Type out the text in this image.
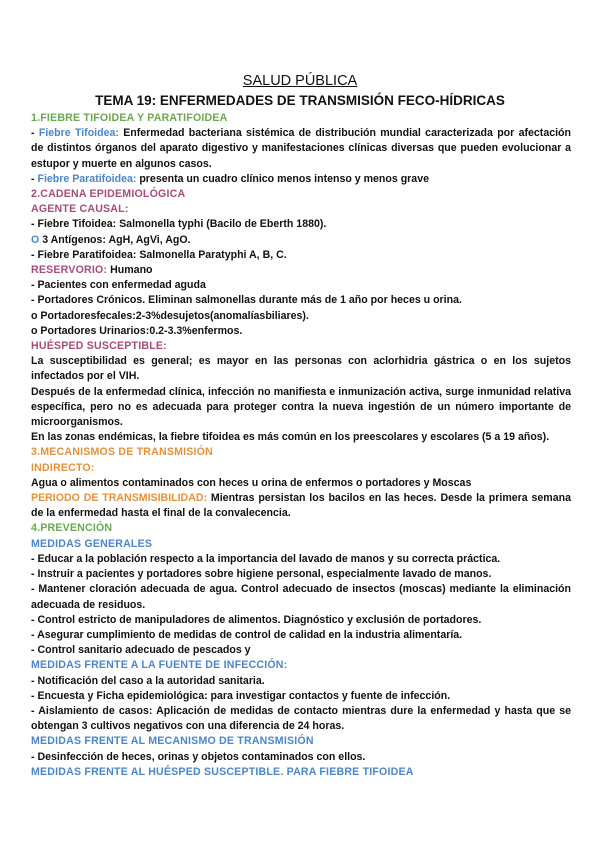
SALUD PÚBLICA
TEMA 19: ENFERMEDADES DE TRANSMISIÓN FECO-HÍDRICAS

1.FIEBRE TIFOIDEA Y PARATIFOIDEA

- Fiebre Tifoidea: Enfermedad bacteriana sistémica de distribución mundial caracterizada por afectación de distintos órganos del aparato digestivo y manifestaciones clínicas diversas que pueden evolucionar a estupor y muerte en algunos casos.

- Fiebre Paratifoidea: presenta un cuadro clínico menos intenso y menos grave

2.CADENA EPIDEMIOLÓGICA

AGENTE CAUSAL:

- Fiebre Tifoidea: Salmonella typhi (Bacilo de Eberth 1880).

O 3 Antígenos: AgH, AgVi, AgO.

- Fiebre Paratifoidea: Salmonella Paratyphi A, B, C.

RESERVORIO: Humano

- Pacientes con enfermedad aguda

- Portadores Crónicos. Eliminan salmonellas durante más de 1 año por heces u orina.

o Portadoresfecales:2-3%desujetos(anomalíasbiliares).

o Portadores Urinarios:0.2-3.3%enfermos.

HUÉSPED SUSCEPTIBLE:

La susceptibilidad es general; es mayor en las personas con aclorhidria gástrica o en los sujetos infectados por el VIH.

Después de la enfermedad clínica, infección no manifiesta e inmunización activa, surge inmunidad relativa específica, pero no es adecuada para proteger contra la nueva ingestión de un número importante de microorganismos.

En las zonas endémicas, la fiebre tifoidea es más común en los preescolares y escolares (5 a 19 años).

3.MECANISMOS DE TRANSMISIÓN

INDIRECTO:

Agua o alimentos contaminados con heces u orina de enfermos o portadores y Moscas

PERIODO DE TRANSMISIBILIDAD: Mientras persistan los bacilos en las heces. Desde la primera semana de la enfermedad hasta el final de la convalecencia.

4.PREVENCIÓN

MEDIDAS GENERALES

- Educar a la población respecto a la importancia del lavado de manos y su correcta práctica.

- Instruir a pacientes y portadores sobre higiene personal, especialmente lavado de manos.

- Mantener cloración adecuada de agua. Control adecuado de insectos (moscas) mediante la eliminación adecuada de residuos.

- Control estricto de manipuladores de alimentos. Diagnóstico y exclusión de portadores.

- Asegurar cumplimiento de medidas de control de calidad en la industria alimentaría.

- Control sanitario adecuado de pescados y

MEDIDAS FRENTE A LA FUENTE DE INFECCIÓN:

- Notificación del caso a la autoridad sanitaria.

- Encuesta y Ficha epidemiológica: para investigar contactos y fuente de infección.

- Aislamiento de casos: Aplicación de medidas de contacto mientras dure la enfermedad y hasta que se obtengan 3 cultivos negativos con una diferencia de 24 horas.

MEDIDAS FRENTE AL MECANISMO DE TRANSMISIÓN

- Desinfección de heces, orinas y objetos contaminados con ellos.

MEDIDAS FRENTE AL HUÉSPED SUSCEPTIBLE. PARA FIEBRE TIFOIDEA
